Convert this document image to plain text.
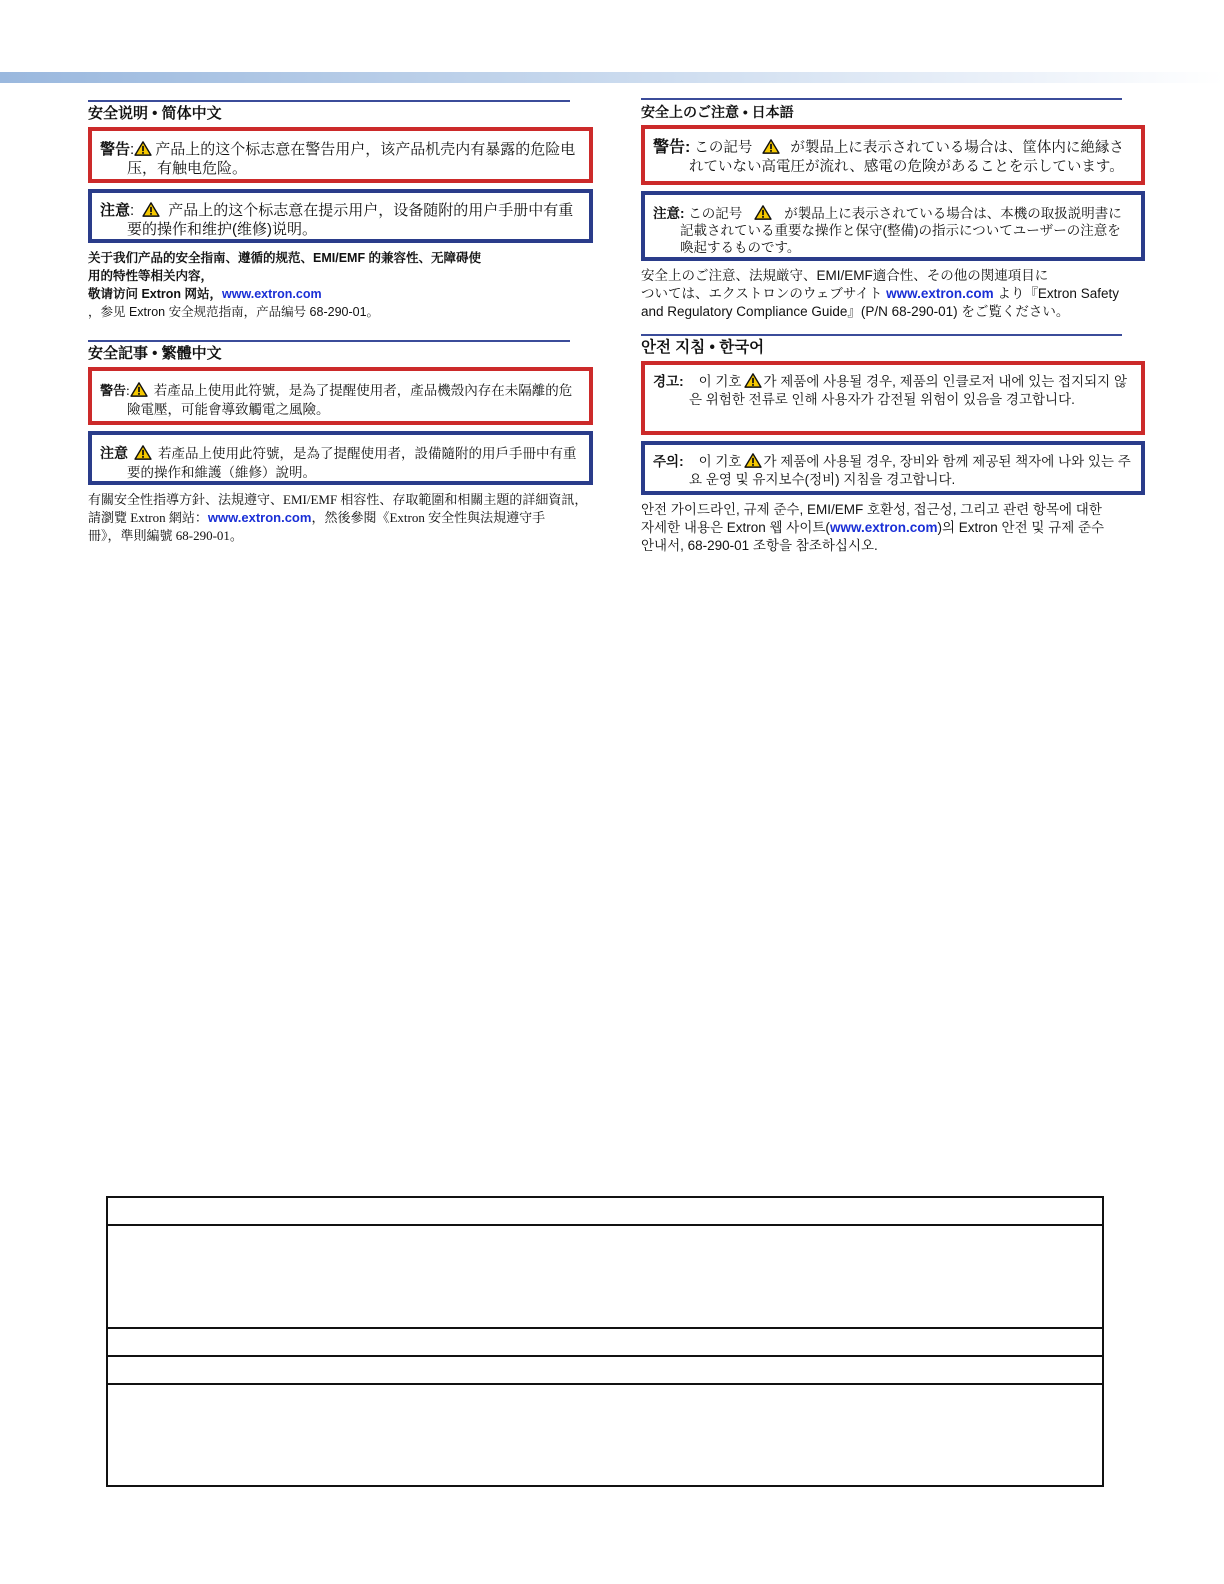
安全说明 • 简体中文

警告: 产品上的这个标志意在警告用户，该产品机壳内有暴露的危险电压，有触电危险。

注意: 产品上的这个标志意在提示用户，设备随附的用户手册中有重要的操作和维护(维修)说明。

关于我们产品的安全指南、遵循的规范、EMI/EMF 的兼容性、无障碍使
用的特性等相关内容，
敬请访问 Extron 网站，www.extron.com
，参见 Extron 安全规范指南，产品编号 68-290-01。
安全記事 • 繁體中文

警告: 若產品上使用此符號，是為了提醒使用者，產品機殼內存在未隔離的危險電壓，可能會導致觸電之風險。

注意 若產品上使用此符號，是為了提醒使用者，設備隨附的用戶手冊中有重要的操作和維護（維修）說明。

有關安全性指導方針、法規遵守、EMI/EMF 相容性、存取範圍和相關主題的詳細資訊，
請瀏覽 Extron 網站：www.extron.com，然後參閱《Extron 安全性與法規遵守手
冊》，準則編號 68-290-01。
安全上のご注意 • 日本語

警告: この記号	が製品上に表示されている場合は、筐体内に絶縁されていない高電圧が流れ、感電の危険があることを示しています。

注意: この記号	が製品上に表示されている場合は、本機の取扱説明書に記載されている重要な操作と保守(整備)の指示についてユーザーの注意を喚起するものです。

安全上のご注意、法規厳守、EMI/EMF適合性、その他の関連項目に
ついては、エクストロンのウェブサイト www.extron.com より『Extron Safety
and Regulatory Compliance Guide』(P/N 68-290-01) をご覧ください。
안전 지침 • 한국어

경고: 이 기호 가 제품에 사용될 경우, 제품의 인클로저 내에 있는 접지되지 않은 위험한 전류로 인해 사용자가 감전될 위험이 있음을 경고합니다.

주의: 이 기호 가 제품에 사용될 경우, 장비와 함께 제공된 책자에 나와 있는 주요 운영 및 유지보수(정비) 지침을 경고합니다.

안전 가이드라인, 규제 준수, EMI/EMF 호환성, 접근성, 그리고 관련 항목에 대한
자세한 내용은 Extron 웹 사이트(www.extron.com)의 Extron 안전 및 규제 준수
안내서, 68-290-01 조항을 참조하십시오.
